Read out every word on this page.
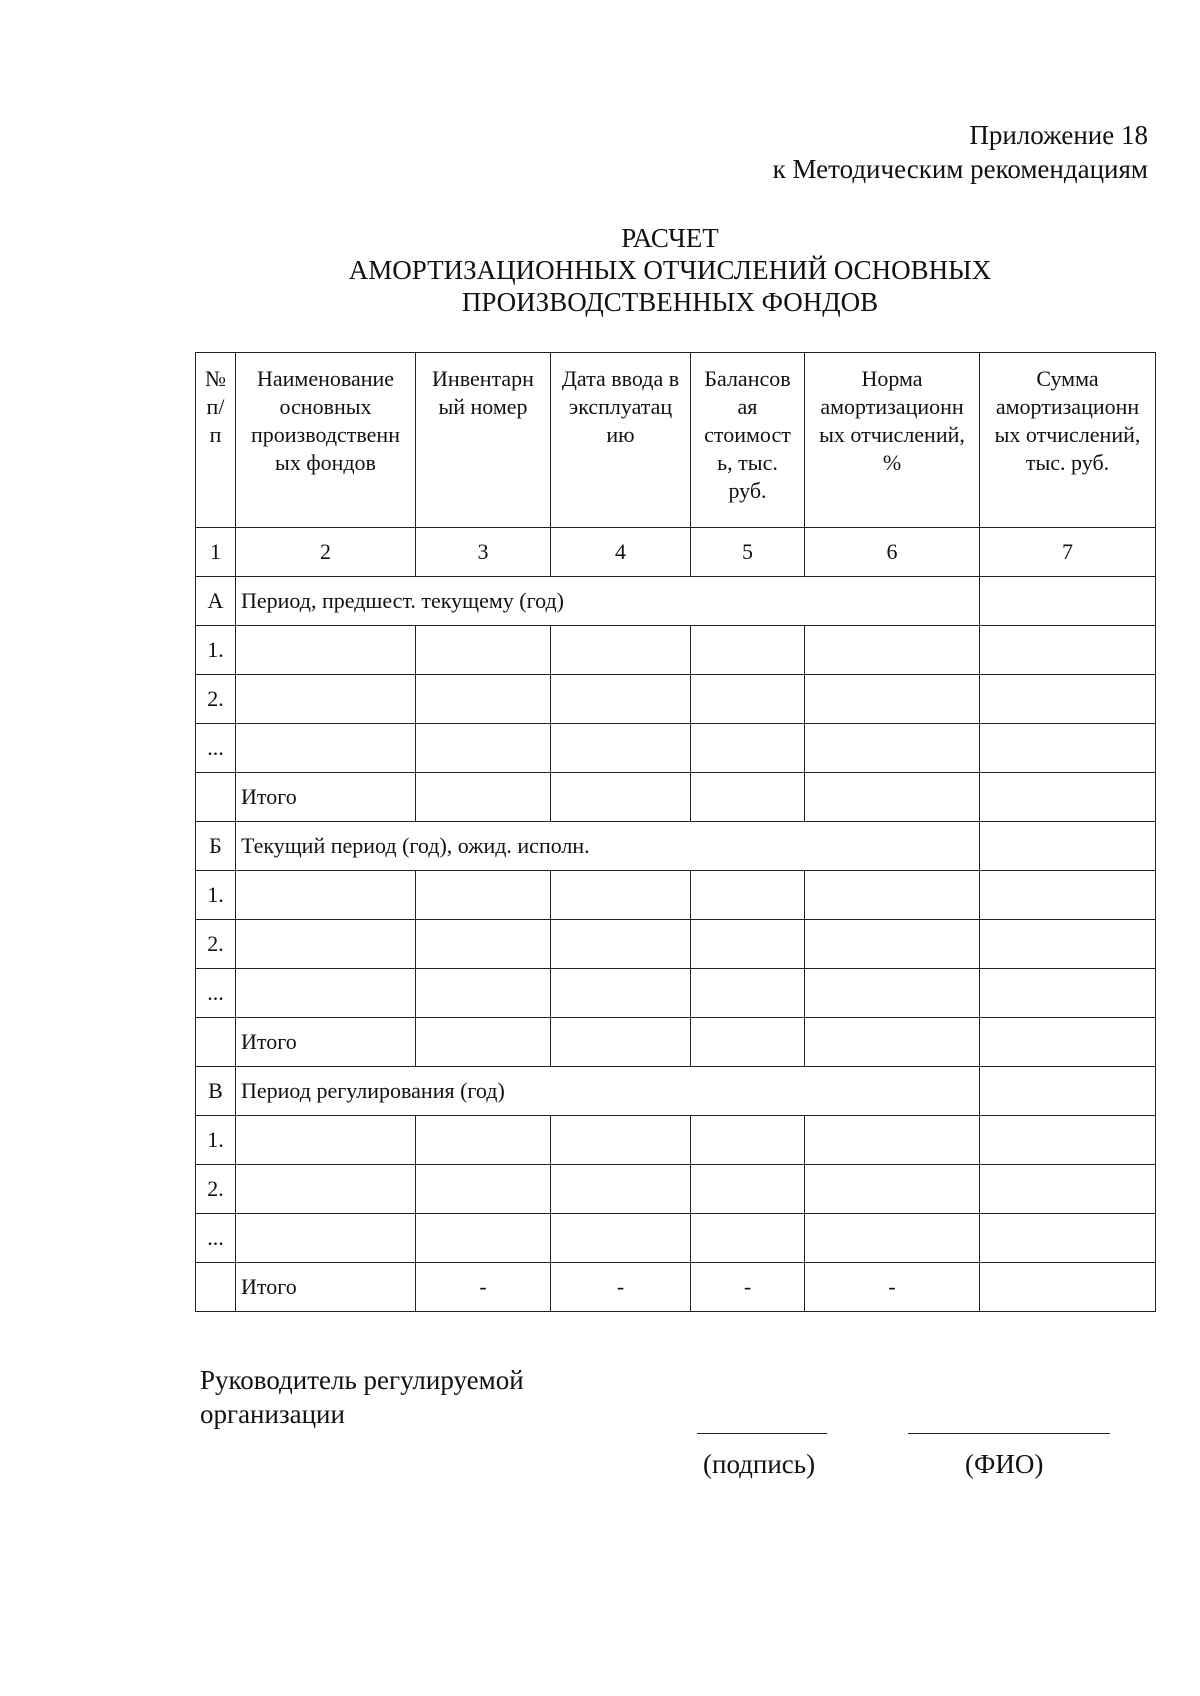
Приложение 18
к Методическим рекомендациям
РАСЧЕТ
АМОРТИЗАЦИОННЫХ ОТЧИСЛЕНИЙ ОСНОВНЫХ
ПРОИЗВОДСТВЕННЫХ ФОНДОВ
№ п/ п	Наименование основных производственн ых фондов	Инвентарн ый номер	Дата ввода в эксплуатац ию	Балансов ая стоимост ь, тыс. руб.	Норма амортизационн ых отчислений, %	Сумма амортизационн ых отчислений, тыс. руб.

1	2	3	4	5	6	7
А	Период, предшест. текущему (год)					
1.						
2.						
...						
	Итого					
Б	Текущий период (год), ожид. исполн.					
1.						
2.						
...						
	Итого					
В	Период регулирования (год)					
1.						
2.						
...						
	Итого	-	-	-	-	
Руководитель регулируемой
организации
(подпись)	(ФИО)
